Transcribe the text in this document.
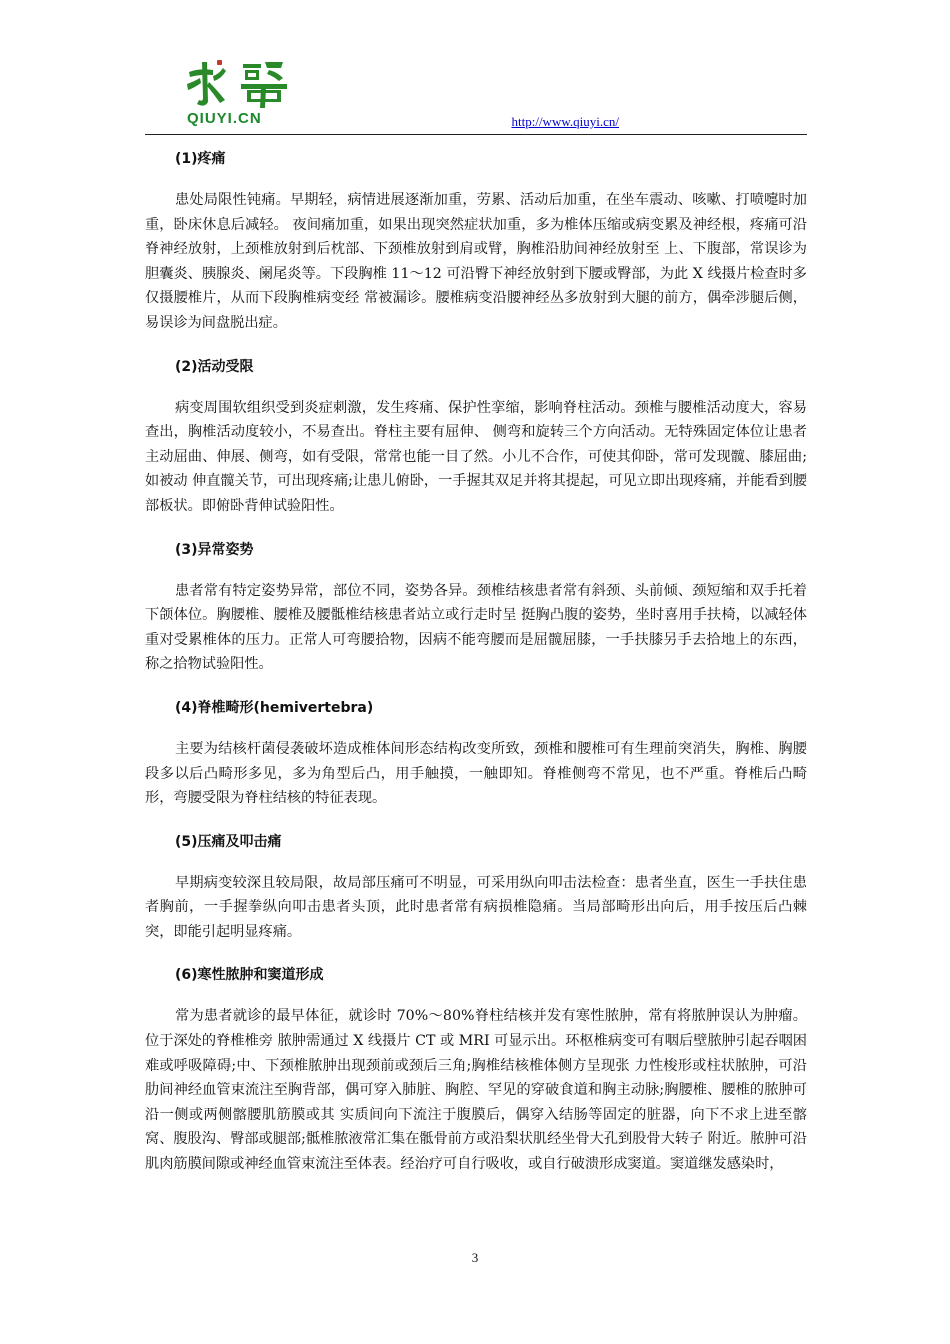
QIUYI.CN	http://www.qiuyi.cn/
(1)疼痛

患处局限性钝痛。早期轻，病情进展逐渐加重，劳累、活动后加重，在坐车震动、咳嗽、打喷嚏时加重，卧床休息后减轻。 夜间痛加重，如果出现突然症状加重，多为椎体压缩或病变累及神经根，疼痛可沿脊神经放射，上颈椎放射到后枕部、下颈椎放射到肩或臂，胸椎沿肋间神经放射至 上、下腹部，常误诊为胆囊炎、胰腺炎、阑尾炎等。下段胸椎 11～12 可沿臀下神经放射到下腰或臀部，为此 X 线摄片检查时多仅摄腰椎片，从而下段胸椎病变经 常被漏诊。腰椎病变沿腰神经丛多放射到大腿的前方，偶牵涉腿后侧，易误诊为间盘脱出症。

(2)活动受限

病变周围软组织受到炎症刺激，发生疼痛、保护性挛缩，影响脊柱活动。颈椎与腰椎活动度大，容易查出，胸椎活动度较小，不易查出。脊柱主要有屈伸、 侧弯和旋转三个方向活动。无特殊固定体位让患者主动屈曲、伸展、侧弯，如有受限，常常也能一目了然。小儿不合作，可使其仰卧，常可发现髋、膝屈曲;如被动 伸直髋关节，可出现疼痛;让患儿俯卧，一手握其双足并将其提起，可见立即出现疼痛，并能看到腰部板状。即俯卧背伸试验阳性。

(3)异常姿势

患者常有特定姿势异常，部位不同，姿势各异。颈椎结核患者常有斜颈、头前倾、颈短缩和双手托着下颌体位。胸腰椎、腰椎及腰骶椎结核患者站立或行走时呈 挺胸凸腹的姿势，坐时喜用手扶椅，以减轻体重对受累椎体的压力。正常人可弯腰拾物，因病不能弯腰而是屈髋屈膝，一手扶膝另手去拾地上的东西，称之拾物试验阳性。

(4)脊椎畸形(hemivertebra)

主要为结核杆菌侵袭破坏造成椎体间形态结构改变所致，颈椎和腰椎可有生理前突消失，胸椎、胸腰段多以后凸畸形多见，多为角型后凸，用手触摸，一触即知。脊椎侧弯不常见，也不严重。脊椎后凸畸形，弯腰受限为脊柱结核的特征表现。

(5)压痛及叩击痛

早期病变较深且较局限，故局部压痛可不明显，可采用纵向叩击法检查：患者坐直，医生一手扶住患者胸前，一手握拳纵向叩击患者头顶，此时患者常有病损椎隐痛。当局部畸形出向后，用手按压后凸棘突，即能引起明显疼痛。

(6)寒性脓肿和窦道形成

常为患者就诊的最早体征，就诊时 70%～80%脊柱结核并发有寒性脓肿，常有将脓肿误认为肿瘤。位于深处的脊椎椎旁 脓肿需通过 X 线摄片 CT 或 MRI 可显示出。环枢椎病变可有咽后壁脓肿引起吞咽困难或呼吸障碍;中、下颈椎脓肿出现颈前或颈后三角;胸椎结核椎体侧方呈现张 力性梭形或柱状脓肿，可沿肋间神经血管束流注至胸背部，偶可穿入肺脏、胸腔、罕见的穿破食道和胸主动脉;胸腰椎、腰椎的脓肿可沿一侧或两侧髂腰肌筋膜或其 实质间向下流注于腹膜后，偶穿入结肠等固定的脏器，向下不求上进至髂窝、腹股沟、臀部或腿部;骶椎脓液常汇集在骶骨前方或沿梨状肌经坐骨大孔到股骨大转子 附近。脓肿可沿肌肉筋膜间隙或神经血管束流注至体表。经治疗可自行吸收，或自行破溃形成窦道。窦道继发感染时，

3
